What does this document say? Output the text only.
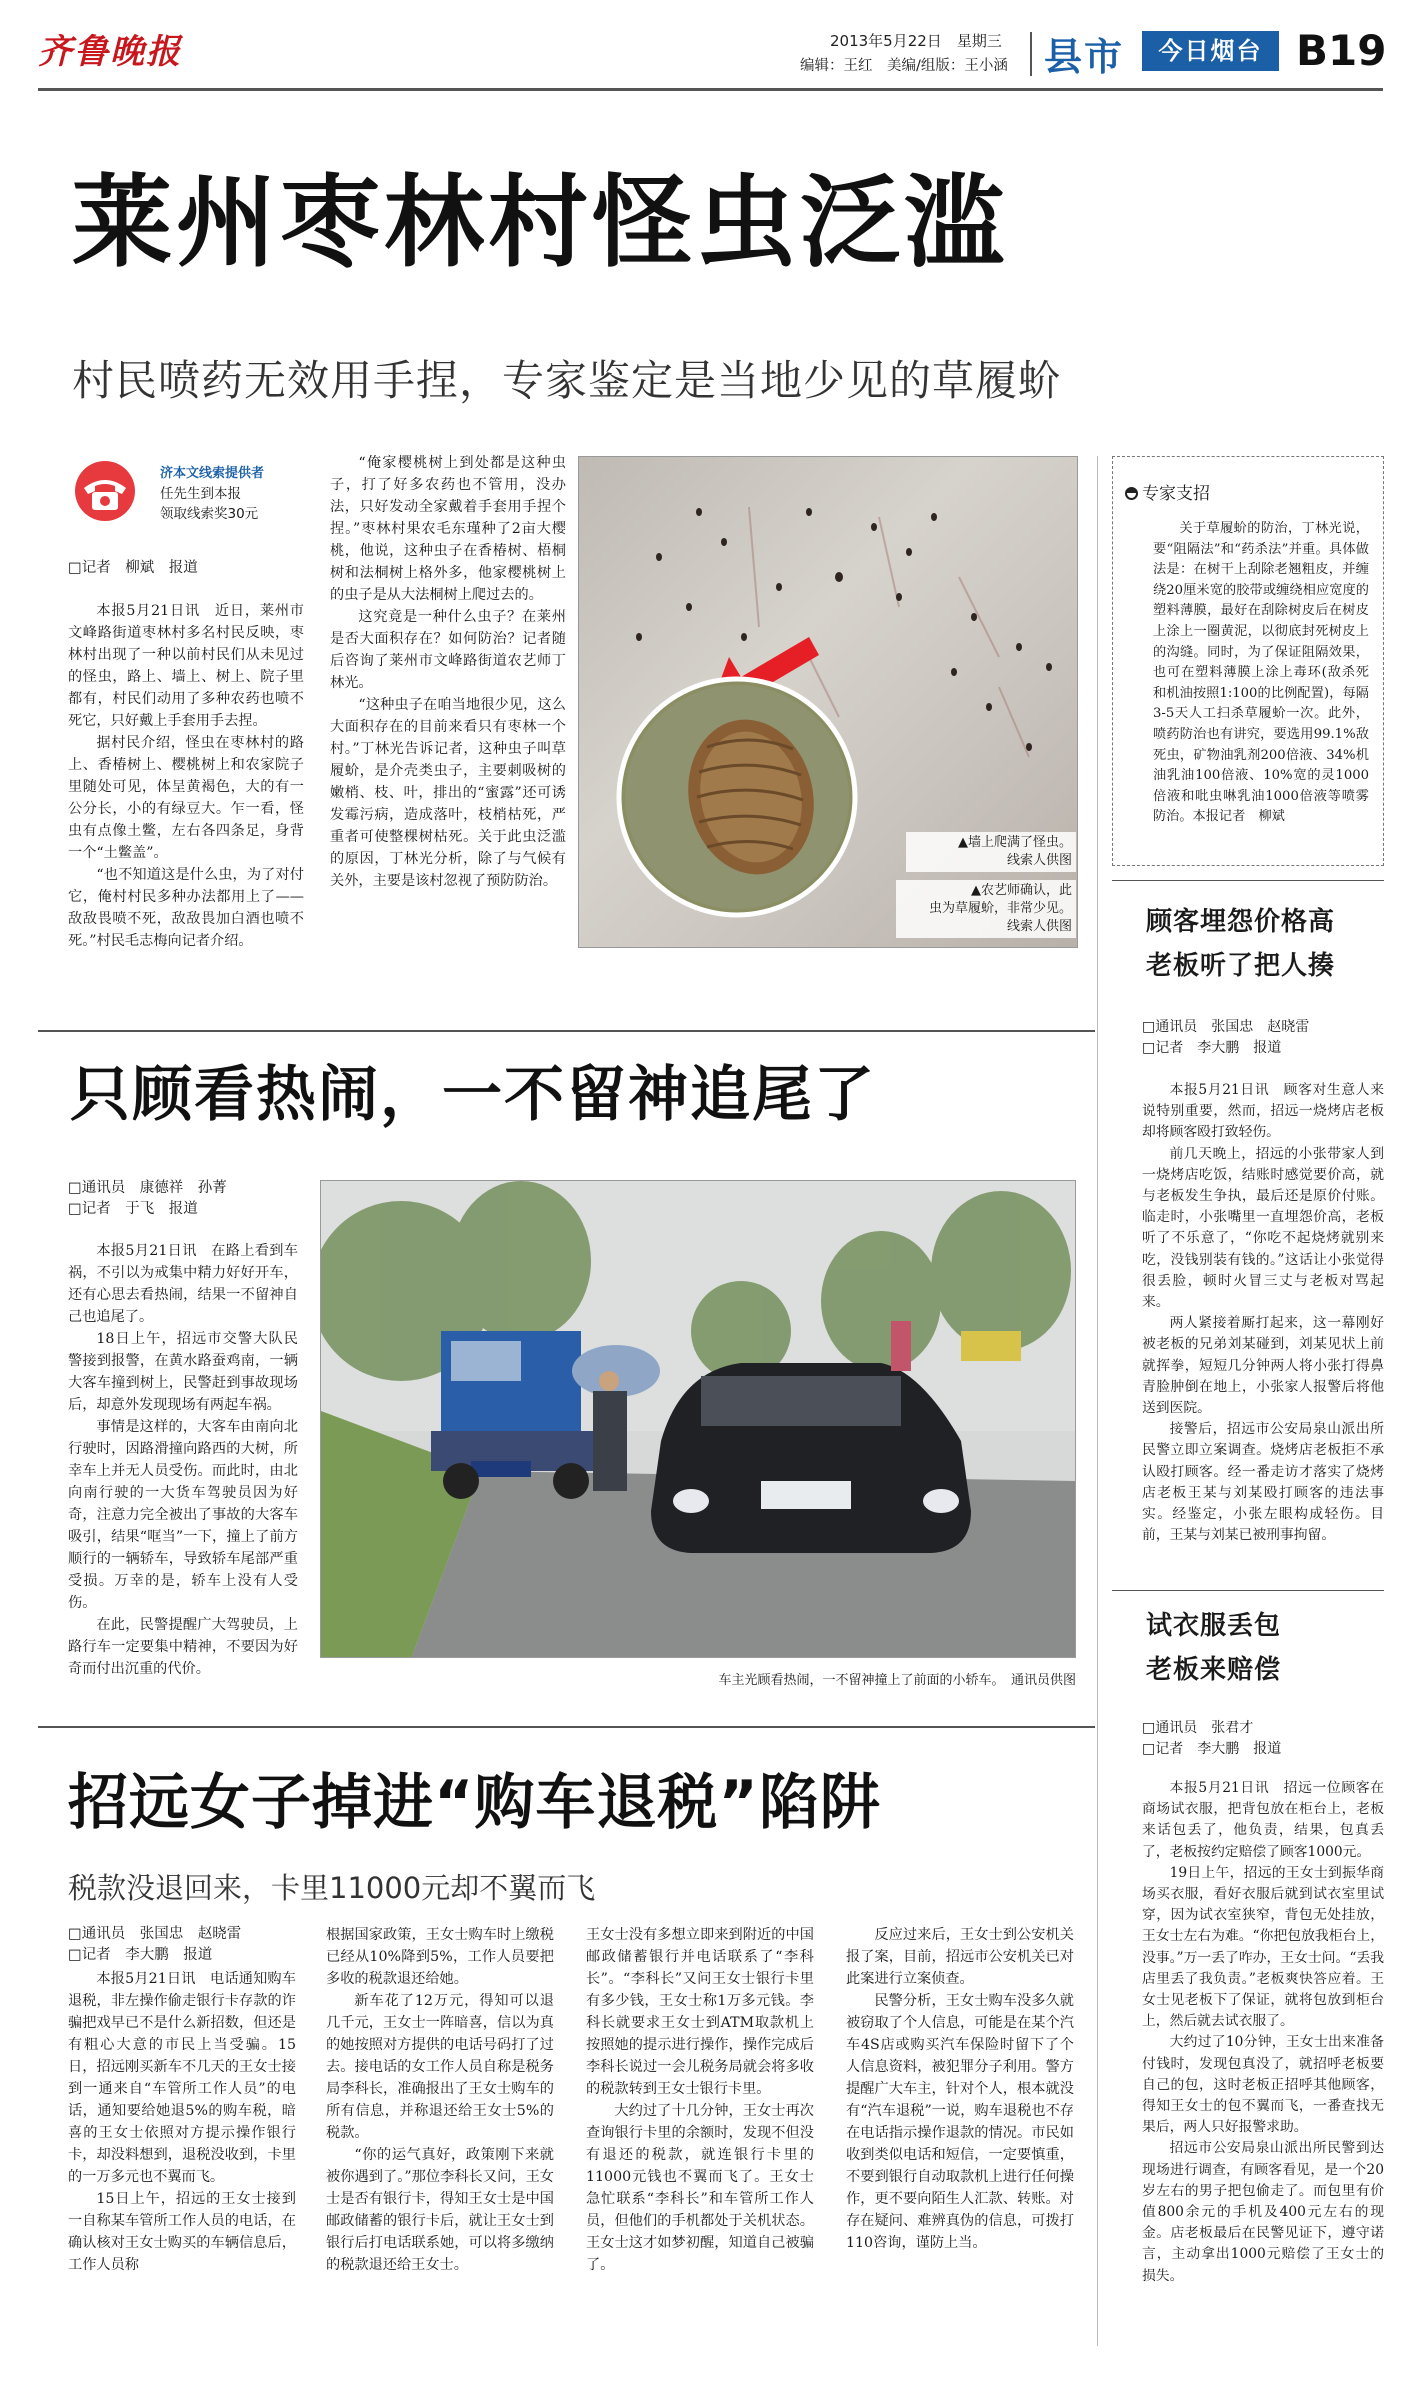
齐鲁晚报	2013年5月22日　 星期三
编辑：王红　美编/组版：王小涵 县市	今日烟台 B19
莱州枣林村怪虫泛滥
村民喷药无效用手捏，专家鉴定是当地少见的草履蚧
济本文线索提供者
任先生到本报
领取线索奖30元
□记者　柳斌　报道

本报5月21日讯　近日，莱州市文峰路街道枣林村多名村民反映，枣林村出现了一种以前村民们从未见过的怪虫，路上、墙上、树上、院子里都有，村民们动用了多种农药也喷不死它，只好戴上手套用手去捏。

据村民介绍，怪虫在枣林村的路上、香椿树上、樱桃树上和农家院子里随处可见，体呈黄褐色，大的有一公分长，小的有绿豆大。乍一看，怪虫有点像土鳖，左右各四条足，身背一个“土鳖盖”。

“也不知道这是什么虫，为了对付它，俺村村民多种办法都用上了——敌敌畏喷不死，敌敌畏加白酒也喷不死。”村民毛志梅向记者介绍。

“俺家樱桃树上到处都是这种虫子，打了好多农药也不管用，没办法，只好发动全家戴着手套用手捏个捏。”枣林村果农毛东瑾种了2亩大樱桃，他说，这种虫子在香椿树、梧桐树和法桐树上格外多，他家樱桃树上的虫子是从大法桐树上爬过去的。

这究竟是一种什么虫子？在莱州是否大面积存在？如何防治？记者随后咨询了莱州市文峰路街道农艺师丁林光。

“这种虫子在咱当地很少见，这么大面积存在的目前来看只有枣林一个村。”丁林光告诉记者，这种虫子叫草履蚧，是介壳类虫子，主要刺吸树的嫩梢、枝、叶，排出的“蜜露”还可诱发霉污病，造成落叶，枝梢枯死，严重者可使整棵树枯死。关于此虫泛滥的原因，丁林光分析，除了与气候有关外，主要是该村忽视了预防防治。

▲墙上爬满了怪虫。
线索人供图
▲农艺师确认，此
虫为草履蚧，非常少见。
线索人供图
专家支招

关于草履蚧的防治，丁林光说，要“阻隔法”和“药杀法”并重。具体做法是：在树干上刮除老翘粗皮，并缠绕20厘米宽的胶带或缠绕相应宽度的塑料薄膜，最好在刮除树皮后在树皮上涂上一圈黄泥，以彻底封死树皮上的沟缝。同时，为了保证阻隔效果，也可在塑料薄膜上涂上毒环(敌杀死和机油按照1:100的比例配置)，每隔3-5天人工扫杀草履蚧一次。此外，喷药防治也有讲究，要选用99.1%敌死虫，矿物油乳剂200倍液、34%机油乳油100倍液、10%宽的灵1000倍液和吡虫啉乳油1000倍液等喷雾防治。本报记者　柳斌

只顾看热闹，一不留神追尾了
□通讯员　康德祥　孙菁
□记者　于飞　报道

本报5月21日讯　在路上看到车祸，不引以为戒集中精力好好开车，还有心思去看热闹，结果一不留神自己也追尾了。

18日上午，招远市交警大队民警接到报警，在黄水路蚕鸡南，一辆大客车撞到树上，民警赶到事故现场后，却意外发现现场有两起车祸。

事情是这样的，大客车由南向北行驶时，因路滑撞向路西的大树，所幸车上并无人员受伤。而此时，由北向南行驶的一大货车驾驶员因为好奇，注意力完全被出了事故的大客车吸引，结果“哐当”一下，撞上了前方顺行的一辆轿车，导致轿车尾部严重受损。万幸的是，轿车上没有人受伤。

在此，民警提醒广大驾驶员，上路行车一定要集中精神，不要因为好奇而付出沉重的代价。

车主光顾看热闹，一不留神撞上了前面的小轿车。　通讯员供图
顾客埋怨价格高
老板听了把人揍
□通讯员　张国忠　赵晓雷
□记者　李大鹏　报道

本报5月21日讯　顾客对生意人来说特别重要，然而，招远一烧烤店老板却将顾客殴打致轻伤。

前几天晚上，招远的小张带家人到一烧烤店吃饭，结账时感觉要价高，就与老板发生争执，最后还是原价付账。临走时，小张嘴里一直埋怨价高，老板听了不乐意了，“你吃不起烧烤就别来吃，没钱别装有钱的。”这话让小张觉得很丢脸，顿时火冒三丈与老板对骂起来。

两人紧接着厮打起来，这一幕刚好被老板的兄弟刘某碰到，刘某见状上前就挥拳，短短几分钟两人将小张打得鼻青脸肿倒在地上，小张家人报警后将他送到医院。

接警后，招远市公安局泉山派出所民警立即立案调查。烧烤店老板拒不承认殴打顾客。经一番走访才落实了烧烤店老板王某与刘某殴打顾客的违法事实。经鉴定，小张左眼构成轻伤。目前，王某与刘某已被刑事拘留。

试衣服丢包
老板来赔偿
□通讯员　张君才
□记者　李大鹏　报道

本报5月21日讯　招远一位顾客在商场试衣服，把背包放在柜台上，老板来话包丢了，他负责，结果，包真丢了，老板按约定赔偿了顾客1000元。

19日上午，招远的王女士到振华商场买衣服，看好衣服后就到试衣室里试穿，因为试衣室狭窄，背包无处挂放，王女士左右为难。“你把包放我柜台上，没事。”万一丢了咋办，王女士问。“丢我店里丢了我负责。”老板爽快答应着。王女士见老板下了保证，就将包放到柜台上，然后就去试衣服了。

大约过了10分钟，王女士出来准备付钱时，发现包真没了，就招呼老板要自己的包，这时老板正招呼其他顾客，得知王女士的包不翼而飞，一番查找无果后，两人只好报警求助。

招远市公安局泉山派出所民警到达现场进行调查，有顾客看见，是一个20岁左右的男子把包偷走了。而包里有价值800余元的手机及400元左右的现金。店老板最后在民警见证下，遵守诺言，主动拿出1000元赔偿了王女士的损失。

招远女子掉进“购车退税”陷阱
税款没退回来，卡里11000元却不翼而飞
□通讯员　张国忠　赵晓雷
□记者　李大鹏　报道

本报5月21日讯　电话通知购车退税，非左操作偷走银行卡存款的诈骗把戏早已不是什么新招数，但还是有粗心大意的市民上当受骗。15日，招远刚买新车不几天的王女士接到一通来自“车管所工作人员”的电话，通知要给她退5%的购车税，暗喜的王女士依照对方提示操作银行卡，却没料想到，退税没收到，卡里的一万多元也不翼而飞。

15日上午，招远的王女士接到一自称某车管所工作人员的电话，在确认核对王女士购买的车辆信息后，工作人员称

根据国家政策，王女士购车时上缴税已经从10%降到5%，工作人员要把多收的税款退还给她。

新车花了12万元，得知可以退几千元，王女士一阵暗喜，信以为真的她按照对方提供的电话号码打了过去。接电话的女工作人员自称是税务局李科长，准确报出了王女士购车的所有信息，并称退还给王女士5%的税款。

“你的运气真好，政策刚下来就被你遇到了。”那位李科长又问，王女士是否有银行卡，得知王女士是中国邮政储蓄的银行卡后，就让王女士到银行后打电话联系她，可以将多缴纳的税款退还给王女士。

王女士没有多想立即来到附近的中国邮政储蓄银行并电话联系了“李科长”。“李科长”又问王女士银行卡里有多少钱，王女士称1万多元钱。李科长就要求王女士到ATM取款机上按照她的提示进行操作，操作完成后李科长说过一会儿税务局就会将多收的税款转到王女士银行卡里。

大约过了十几分钟，王女士再次查询银行卡里的余额时，发现不但没有退还的税款，就连银行卡里的11000元钱也不翼而飞了。王女士急忙联系“李科长”和车管所工作人员，但他们的手机都处于关机状态。王女士这才如梦初醒，知道自己被骗了。

反应过来后，王女士到公安机关报了案，目前，招远市公安机关已对此案进行立案侦查。

民警分析，王女士购车没多久就被窃取了个人信息，可能是在某个汽车4S店或购买汽车保险时留下了个人信息资料，被犯罪分子利用。警方提醒广大车主，针对个人，根本就没有“汽车退税”一说，购车退税也不存在电话指示操作退款的情况。市民如收到类似电话和短信，一定要慎重，不要到银行自动取款机上进行任何操作，更不要向陌生人汇款、转账。对存在疑问、难辨真伪的信息，可拨打110咨询，谨防上当。
